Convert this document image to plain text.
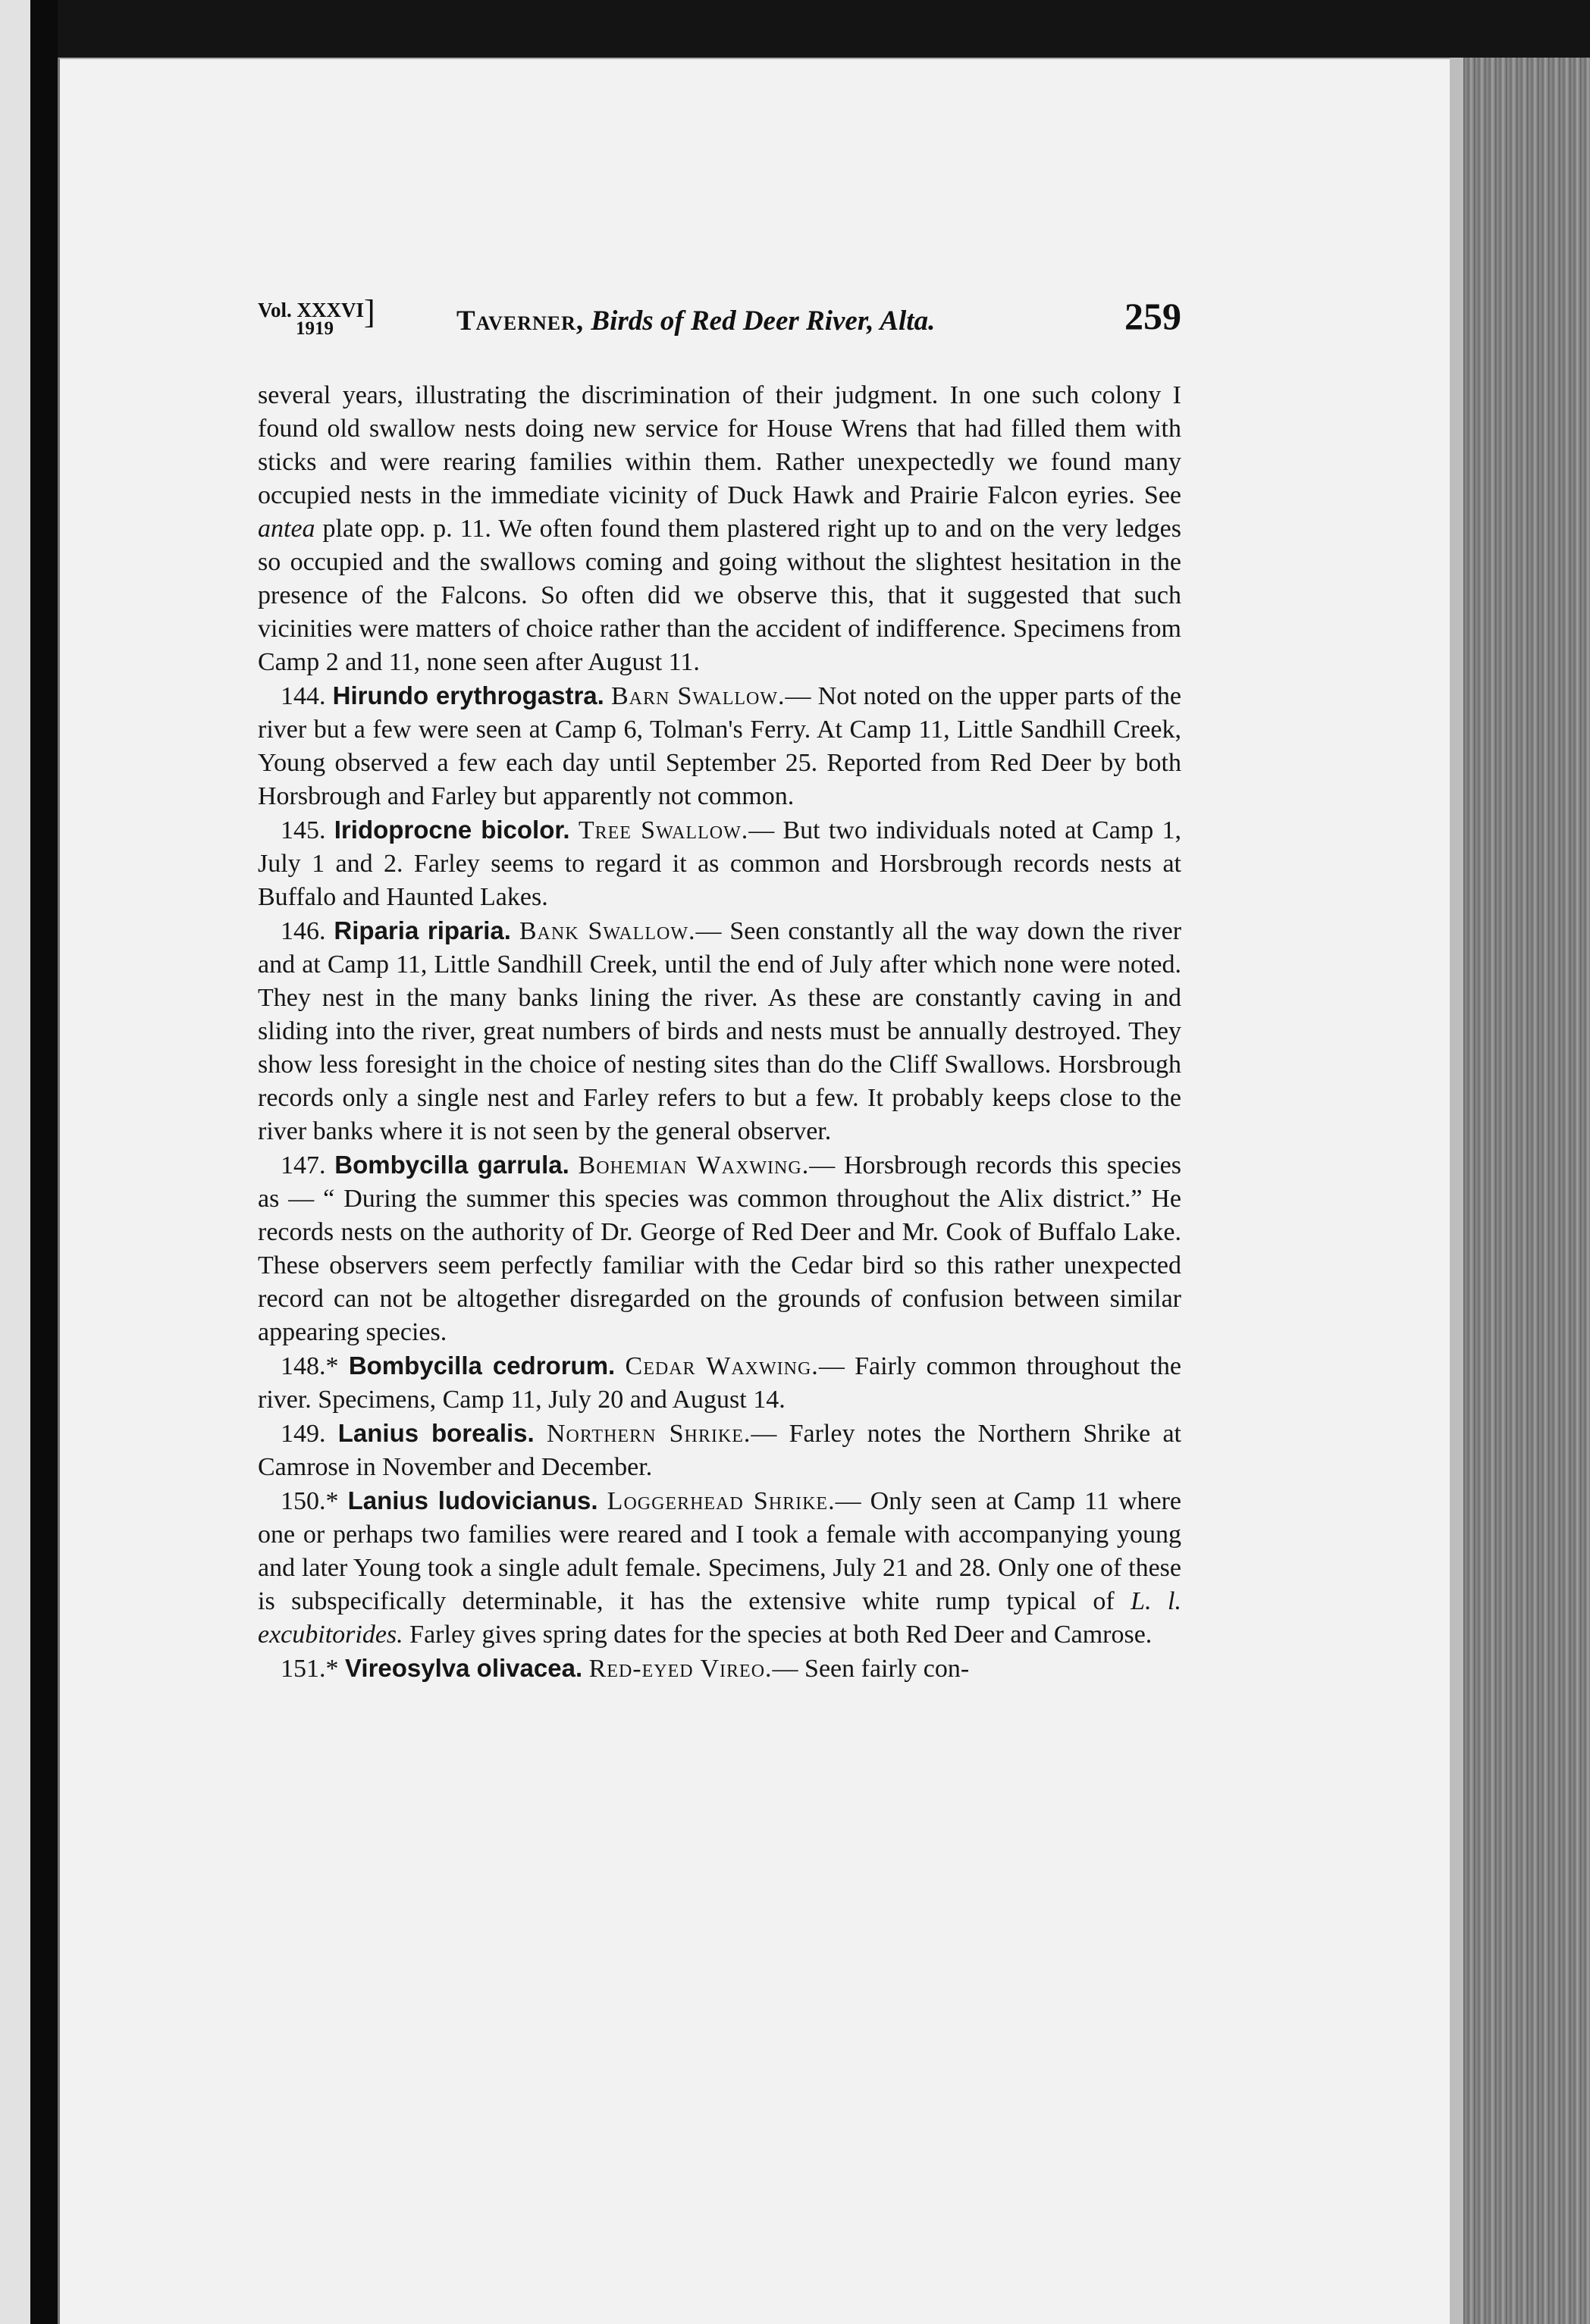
Vol. XXXVI]
1919	Taverner, Birds of Red Deer River, Alta.	259

several years, illustrating the discrimination of their judgment. In one such colony I found old swallow nests doing new service for House Wrens that had filled them with sticks and were rearing families within them. Rather unexpectedly we found many occupied nests in the immediate vicinity of Duck Hawk and Prairie Falcon eyries. See antea plate opp. p. 11. We often found them plastered right up to and on the very ledges so occupied and the swallows coming and going without the slightest hesitation in the presence of the Falcons. So often did we observe this, that it suggested that such vicinities were matters of choice rather than the accident of indifference. Specimens from Camp 2 and 11, none seen after August 11.

144. Hirundo erythrogastra. Barn Swallow.— Not noted on the upper parts of the river but a few were seen at Camp 6, Tolman's Ferry. At Camp 11, Little Sandhill Creek, Young observed a few each day until September 25. Reported from Red Deer by both Horsbrough and Farley but apparently not common.

145. Iridoprocne bicolor. Tree Swallow.— But two individuals noted at Camp 1, July 1 and 2. Farley seems to regard it as common and Horsbrough records nests at Buffalo and Haunted Lakes.

146. Riparia riparia. Bank Swallow.— Seen constantly all the way down the river and at Camp 11, Little Sandhill Creek, until the end of July after which none were noted. They nest in the many banks lining the river. As these are constantly caving in and sliding into the river, great numbers of birds and nests must be annually destroyed. They show less foresight in the choice of nesting sites than do the Cliff Swallows. Horsbrough records only a single nest and Farley refers to but a few. It probably keeps close to the river banks where it is not seen by the general observer.

147. Bombycilla garrula. Bohemian Waxwing.— Horsbrough records this species as — “ During the summer this species was common throughout the Alix district.” He records nests on the authority of Dr. George of Red Deer and Mr. Cook of Buffalo Lake. These observers seem perfectly familiar with the Cedar bird so this rather unexpected record can not be altogether disregarded on the grounds of confusion between similar appearing species.

148.* Bombycilla cedrorum. Cedar Waxwing.— Fairly common throughout the river. Specimens, Camp 11, July 20 and August 14.

149. Lanius borealis. Northern Shrike.— Farley notes the Northern Shrike at Camrose in November and December.

150.* Lanius ludovicianus. Loggerhead Shrike.— Only seen at Camp 11 where one or perhaps two families were reared and I took a female with accompanying young and later Young took a single adult female. Specimens, July 21 and 28. Only one of these is subspecifically determinable, it has the extensive white rump typical of L. l. excubitorides. Farley gives spring dates for the species at both Red Deer and Camrose.

151.* Vireosylva olivacea. Red-eyed Vireo.— Seen fairly con-
